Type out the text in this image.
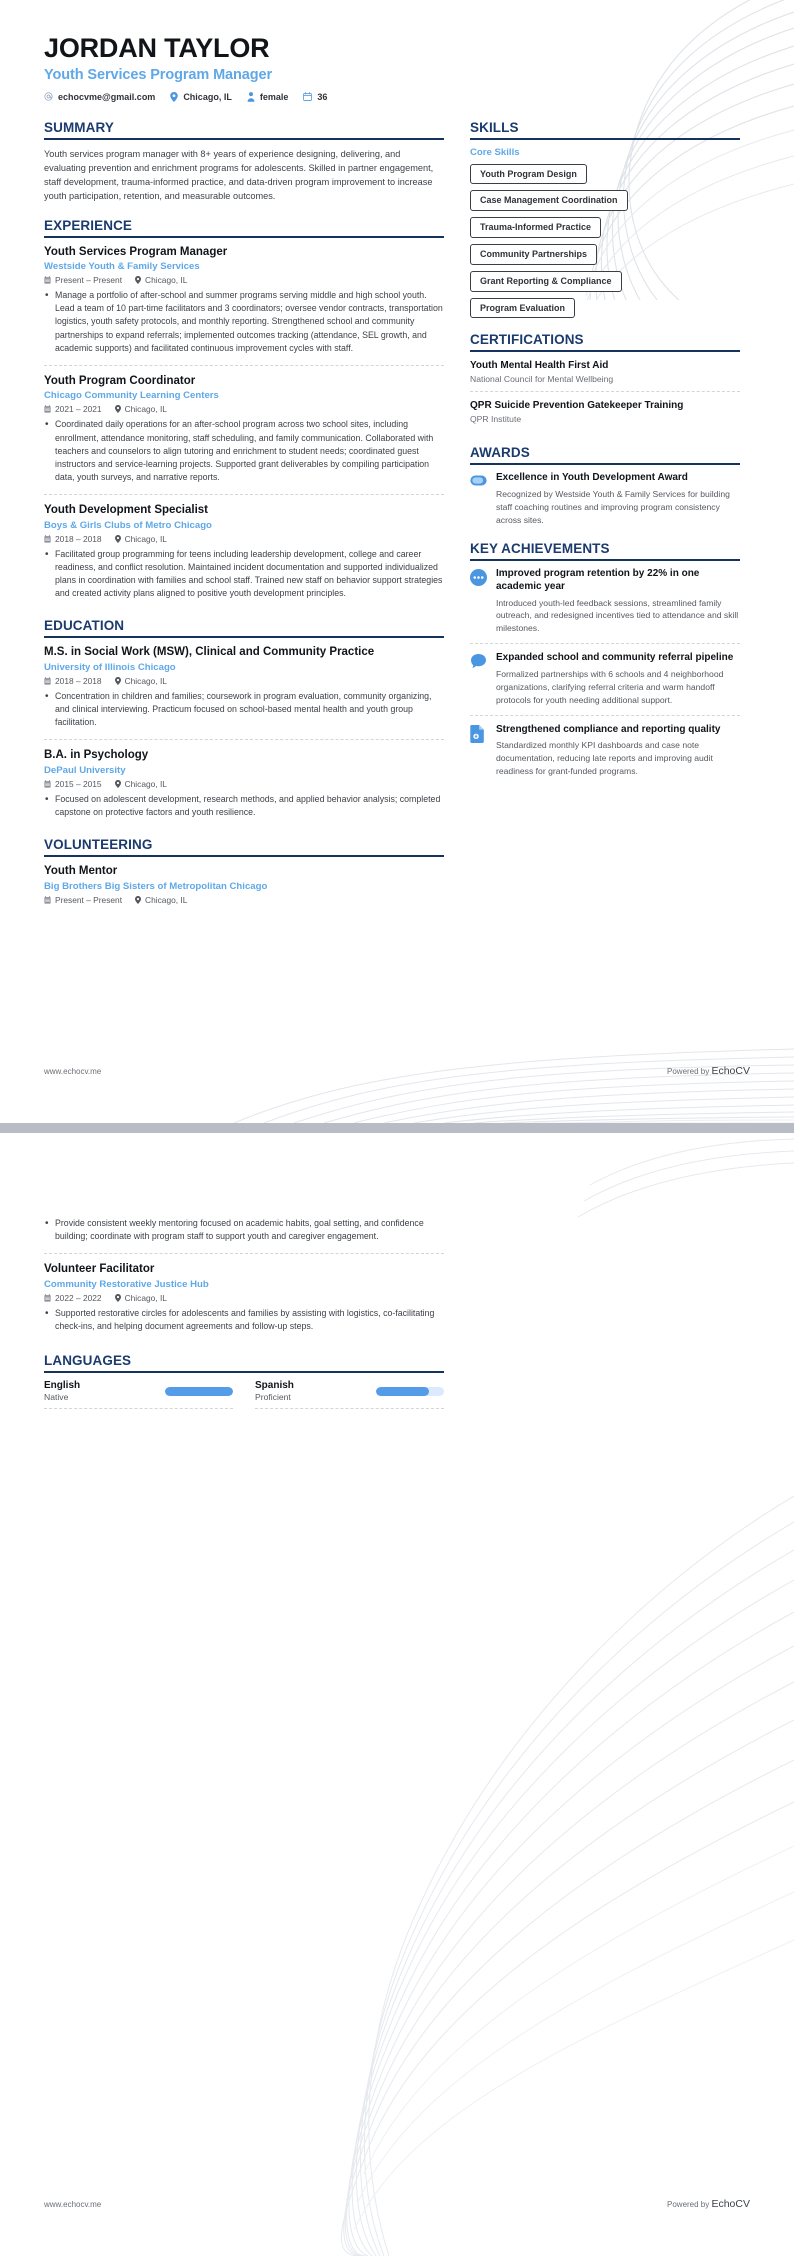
JORDAN TAYLOR
Youth Services Program Manager
echocvme@gmail.com	Chicago, IL	female	36
SUMMARY
Youth services program manager with 8+ years of experience designing, delivering, and evaluating prevention and enrichment programs for adolescents. Skilled in partner engagement, staff development, trauma-informed practice, and data-driven program improvement to increase youth participation, retention, and measurable outcomes.
EXPERIENCE
Youth Services Program Manager
Westside Youth & Family Services
Present – Present	Chicago, IL
• Manage a portfolio of after-school and summer programs serving middle and high school youth. Lead a team of 10 part-time facilitators and 3 coordinators; oversee vendor contracts, transportation logistics, youth safety protocols, and monthly reporting. Strengthened school and community partnerships to expand referrals; implemented outcomes tracking (attendance, SEL growth, and academic supports) and facilitated continuous improvement cycles with staff.
Youth Program Coordinator
Chicago Community Learning Centers
2021 – 2021	Chicago, IL
• Coordinated daily operations for an after-school program across two school sites, including enrollment, attendance monitoring, staff scheduling, and family communication. Collaborated with teachers and counselors to align tutoring and enrichment to student needs; coordinated guest instructors and service-learning projects. Supported grant deliverables by compiling participation data, youth surveys, and narrative reports.
Youth Development Specialist
Boys & Girls Clubs of Metro Chicago
2018 – 2018	Chicago, IL
• Facilitated group programming for teens including leadership development, college and career readiness, and conflict resolution. Maintained incident documentation and supported individualized plans in coordination with families and school staff. Trained new staff on behavior support strategies and created activity plans aligned to positive youth development principles.
EDUCATION
M.S. in Social Work (MSW), Clinical and Community Practice
University of Illinois Chicago
2018 – 2018	Chicago, IL
• Concentration in children and families; coursework in program evaluation, community organizing, and clinical interviewing. Practicum focused on school-based mental health and youth group facilitation.
B.A. in Psychology
DePaul University
2015 – 2015	Chicago, IL
• Focused on adolescent development, research methods, and applied behavior analysis; completed capstone on protective factors and youth resilience.
VOLUNTEERING
Youth Mentor
Big Brothers Big Sisters of Metropolitan Chicago
Present – Present	Chicago, IL
SKILLS
Core Skills
Youth Program Design
Case Management Coordination
Trauma-Informed Practice
Community Partnerships
Grant Reporting & Compliance
Program Evaluation
CERTIFICATIONS
Youth Mental Health First Aid
National Council for Mental Wellbeing
QPR Suicide Prevention Gatekeeper Training
QPR Institute
AWARDS
Excellence in Youth Development Award
Recognized by Westside Youth & Family Services for building staff coaching routines and improving program consistency across sites.
KEY ACHIEVEMENTS
Improved program retention by 22% in one academic year
Introduced youth-led feedback sessions, streamlined family outreach, and redesigned incentives tied to attendance and skill milestones.
Expanded school and community referral pipeline
Formalized partnerships with 6 schools and 4 neighborhood organizations, clarifying referral criteria and warm handoff protocols for youth needing additional support.
Strengthened compliance and reporting quality
Standardized monthly KPI dashboards and case note documentation, reducing late reports and improving audit readiness for grant-funded programs.
www.echocv.me	Powered by EchoCV
• Provide consistent weekly mentoring focused on academic habits, goal setting, and confidence building; coordinate with program staff to support youth and caregiver engagement.
Volunteer Facilitator
Community Restorative Justice Hub
2022 – 2022	Chicago, IL
• Supported restorative circles for adolescents and families by assisting with logistics, co-facilitating check-ins, and helping document agreements and follow-up steps.
LANGUAGES
English
Native
Spanish
Proficient
www.echocv.me	Powered by EchoCV
